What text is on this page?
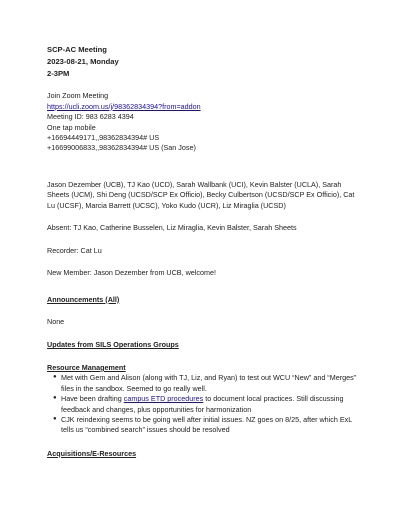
SCP-AC Meeting
2023-08-21, Monday
2-3PM
Join Zoom Meeting
https://ucli.zoom.us/j/98362834394?from=addon
Meeting ID: 983 6283 4394
One tap mobile
+16694449171,,98362834394# US
+16699006833,,98362834394# US (San Jose)

Jason Dezember (UCB), TJ Kao (UCD), Sarah Wallbank (UCI), Kevin Balster (UCLA), Sarah Sheets (UCM), Shi Deng (UCSD/SCP Ex Officio), Becky Culbertson (UCSD/SCP Ex Officio), Cat Lu (UCSF), Marcia Barrett (UCSC), Yoko Kudo (UCR), Liz Miraglia (UCSD)

Absent: TJ Kao, Catherine Busselen, Liz Miraglia, Kevin Balster, Sarah Sheets

Recorder: Cat Lu

New Member: Jason Dezember from UCB, welcome!

Announcements (All)

None

Updates from SILS Operations Groups
Resource Management
● Met with Gem and Alison (along with TJ, Liz, and Ryan) to test out WCU “New” and “Merges” files in the sandbox. Seemed to go really well.
● Have been drafting campus ETD procedures to document local practices. Still discussing feedback and changes, plus opportunities for harmonization
● CJK reindexing seems to be going well after initial issues. NZ goes on 8/25, after which ExL tells us “combined search” issues should be resolved
Acquisitions/E-Resources
